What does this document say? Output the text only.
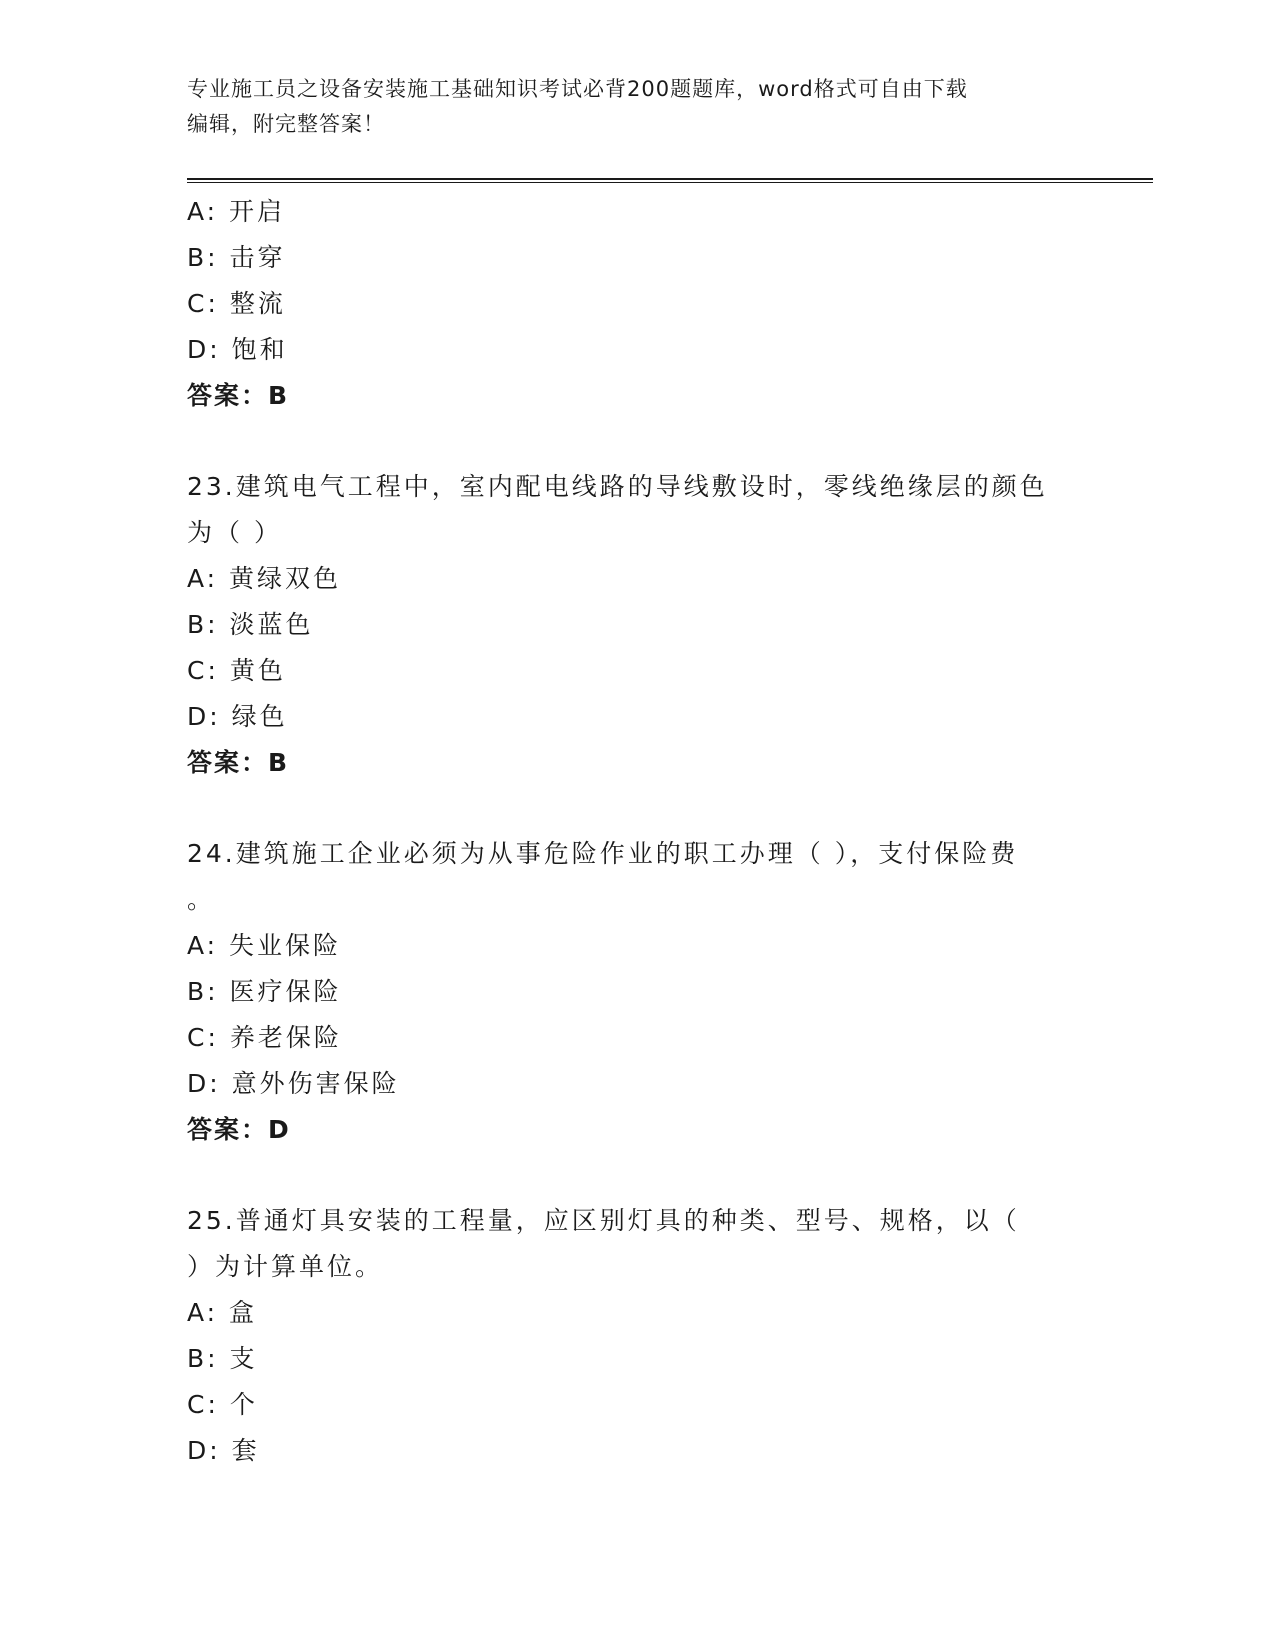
专业施工员之设备安装施工基础知识考试必背200题题库，word格式可自由下载
编辑，附完整答案！
A: 开启
B: 击穿
C: 整流
D: 饱和
答案：B
23.建筑电气工程中，室内配电线路的导线敷设时，零线绝缘层的颜色
为（ ）
A: 黄绿双色
B: 淡蓝色
C: 黄色
D: 绿色
答案：B
24.建筑施工企业必须为从事危险作业的职工办理（ ），支付保险费
。
A: 失业保险
B: 医疗保险
C: 养老保险
D: 意外伤害保险
答案：D
25.普通灯具安装的工程量，应区别灯具的种类、型号、规格，以（
）为计算单位。
A: 盒
B: 支
C: 个
D: 套
